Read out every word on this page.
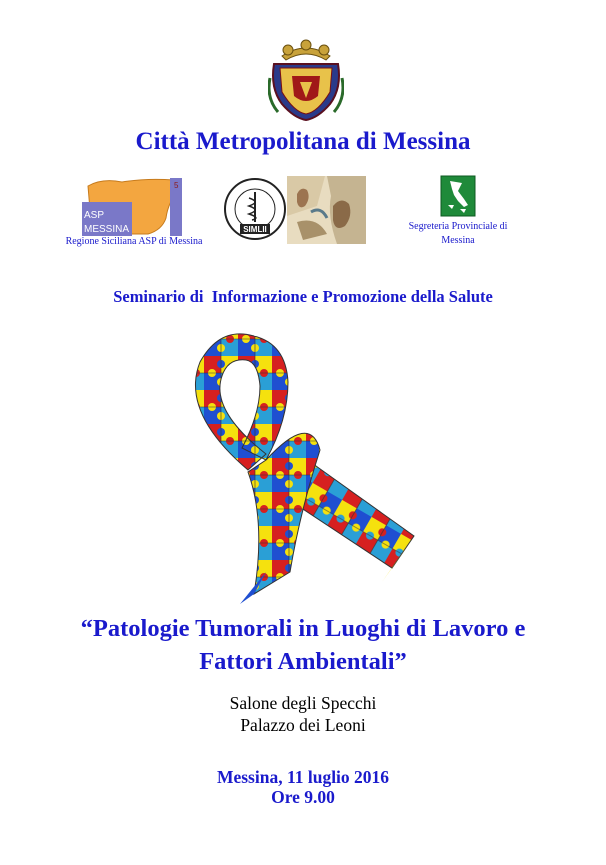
Città Metropolitana di Messina
ASP
MESSINA
5
Regione Siciliana ASP di Messina
SIMLII	Segreteria Provinciale di
Messina
Seminario di  Informazione e Promozione della Salute
“Patologie Tumorali in Luoghi di Lavoro e
Fattori Ambientali”
Salone degli Specchi
Palazzo dei Leoni
Messina, 11 luglio 2016
Ore 9.00
